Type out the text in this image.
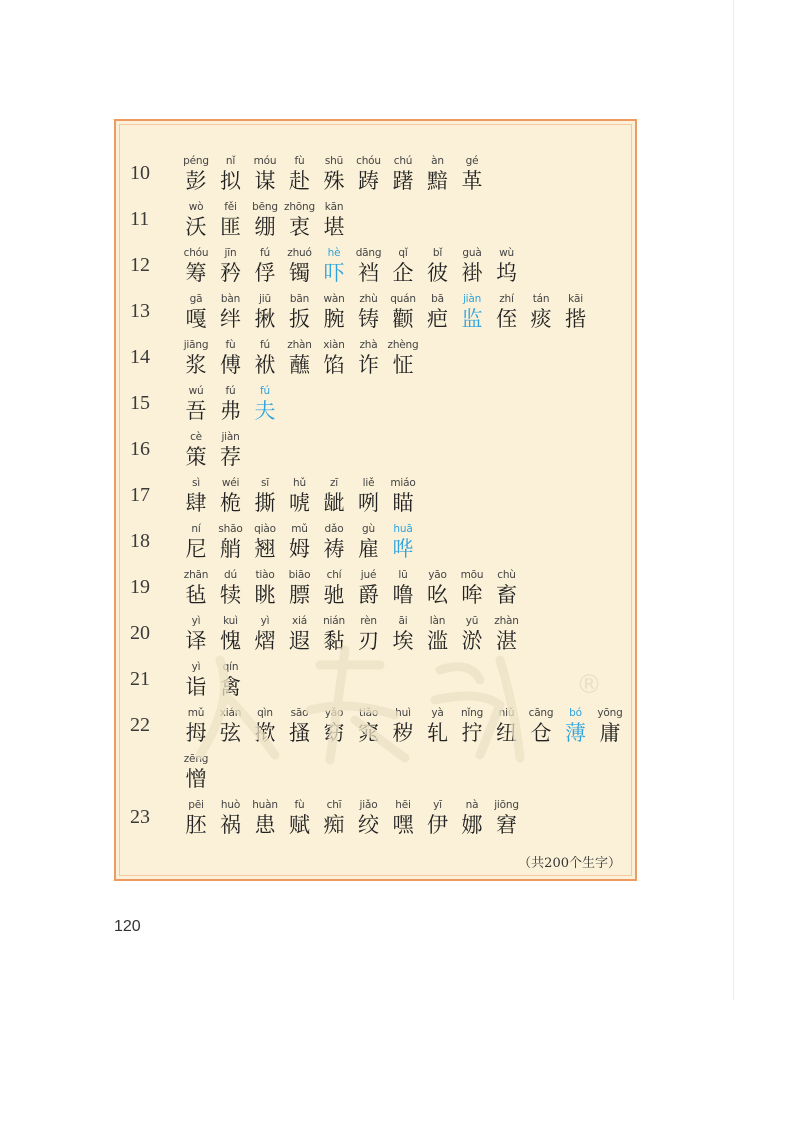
10
péng
彭
nǐ
拟
móu
谋
fù
赴
shū
殊
chóu
踌
chú
躇
àn
黯
gé
革
11
wò
沃
fěi
匪
bēng
绷
zhōng
衷
kān
堪
12
chóu
筹
jīn
矜
fú
俘
zhuó
镯
hè
吓
dāng
裆
qǐ
企
bǐ
彼
guà
褂
wù
坞
13
gā
嘎
bàn
绊
jiū
揪
bān
扳
wàn
腕
zhù
铸
quán
颧
bā
疤
jiàn
监
zhí
侄
tán
痰
kāi
揩
14
jiāng
浆
fù
傅
fú
袱
zhàn
蘸
xiàn
馅
zhà
诈
zhèng
怔
15
wú
吾
fú
弗
fú
夫
16
cè
策
jiàn
荐
17
sì
肆
wéi
桅
sī
撕
hǔ
唬
zī
龇
liě
咧
miáo
瞄
18
ní
尼
shāo
艄
qiào
翘
mǔ
姆
dǎo
祷
gù
雇
huā
哗
19
zhān
毡
dú
犊
tiào
眺
biāo
膘
chí
驰
jué
爵
lū
噜
yāo
吆
mōu
哞
chù
畜
20
yì
译
kuì
愧
yì
熠
xiá
遐
nián
黏
rèn
刃
āi
埃
làn
滥
yū
淤
zhàn
湛
21
yì
诣
qín
禽
22
mǔ
拇
xián
弦
qìn
揿
sāo
搔
yǎo
窈
tiǎo
窕
huì
秽
yà
轧
nǐng
拧
niǔ
纽
cāng
仓
bó
薄
yōng
庸
zēng
憎
23
pēi
胚
huò
祸
huàn
患
fù
赋
chī
痴
jiǎo
绞
hēi
嘿
yī
伊
nà
娜
jiōng
窘
（共200个生字）
®
120
